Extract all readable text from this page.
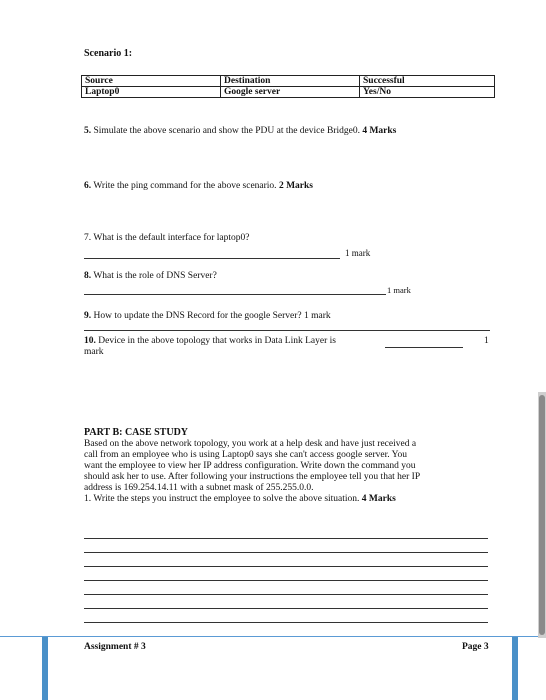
Scenario 1:
Source	Destination	Successful
Laptop0	Google server	Yes/No
5. Simulate the above scenario and show the PDU at the device Bridge0. 4 Marks
6. Write the ping command for the above scenario. 2 Marks
7. What is the default interface for laptop0?
1 mark
8. What is the role of DNS Server?
1 mark
9. How to update the DNS Record for the google Server? 1 mark
10. Device in the above topology that works in Data Link Layer is	1
mark
PART B: CASE STUDY
Based on the above network topology, you work at a help desk and have just received a
call from an employee who is using Laptop0 says she can't access google server. You
want the employee to view her IP address configuration. Write down the command you
should ask her to use. After following your instructions the employee tell you that her IP
address is 169.254.14.11 with a subnet mask of 255.255.0.0.
1. Write the steps you instruct the employee to solve the above situation. 4 Marks
Assignment # 3	Page 3
